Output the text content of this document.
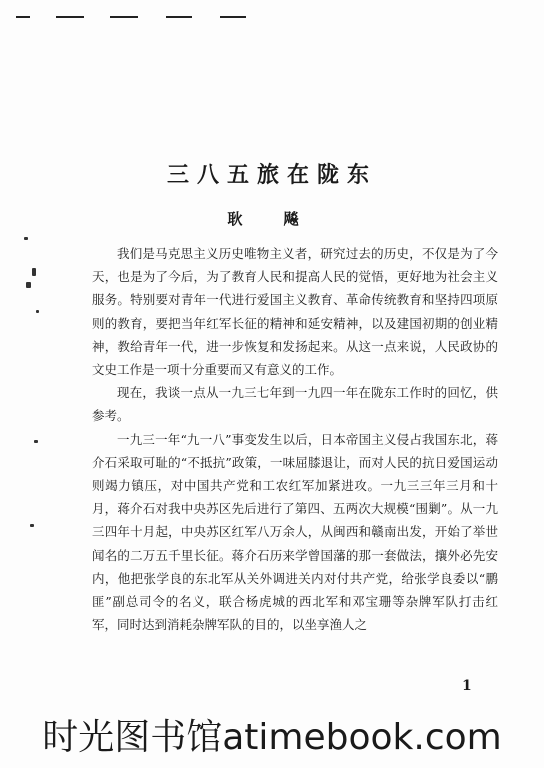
三八五旅在陇东
耿 飚

我们是马克思主义历史唯物主义者，研究过去的历史，不仅是为了今天，也是为了今后，为了教育人民和提高人民的觉悟，更好地为社会主义服务。特别要对青年一代进行爱国主义教育、革命传统教育和坚持四项原则的教育，要把当年红军长征的精神和延安精神，以及建国初期的创业精神，教给青年一代，进一步恢复和发扬起来。从这一点来说，人民政协的文史工作是一项十分重要而又有意义的工作。

现在，我谈一点从一九三七年到一九四一年在陇东工作时的回忆，供参考。

一九三一年“九一八”事变发生以后，日本帝国主义侵占我国东北，蒋介石采取可耻的“不抵抗”政策，一味屈膝退让，而对人民的抗日爱国运动则竭力镇压，对中国共产党和工农红军加紧进攻。一九三三年三月和十月，蒋介石对我中央苏区先后进行了第四、五两次大规模“围剿”。从一九三四年十月起，中央苏区红军八万余人，从闽西和赣南出发，开始了举世闻名的二万五千里长征。蒋介石历来学曾国藩的那一套做法，攘外必先安内，他把张学良的东北军从关外调进关内对付共产党，给张学良委以“鹏匪”副总司令的名义，联合杨虎城的西北军和邓宝珊等杂牌军队打击红军，同时达到消耗杂牌军队的目的，以坐享渔人之

1
时光图书馆atimebook.com
